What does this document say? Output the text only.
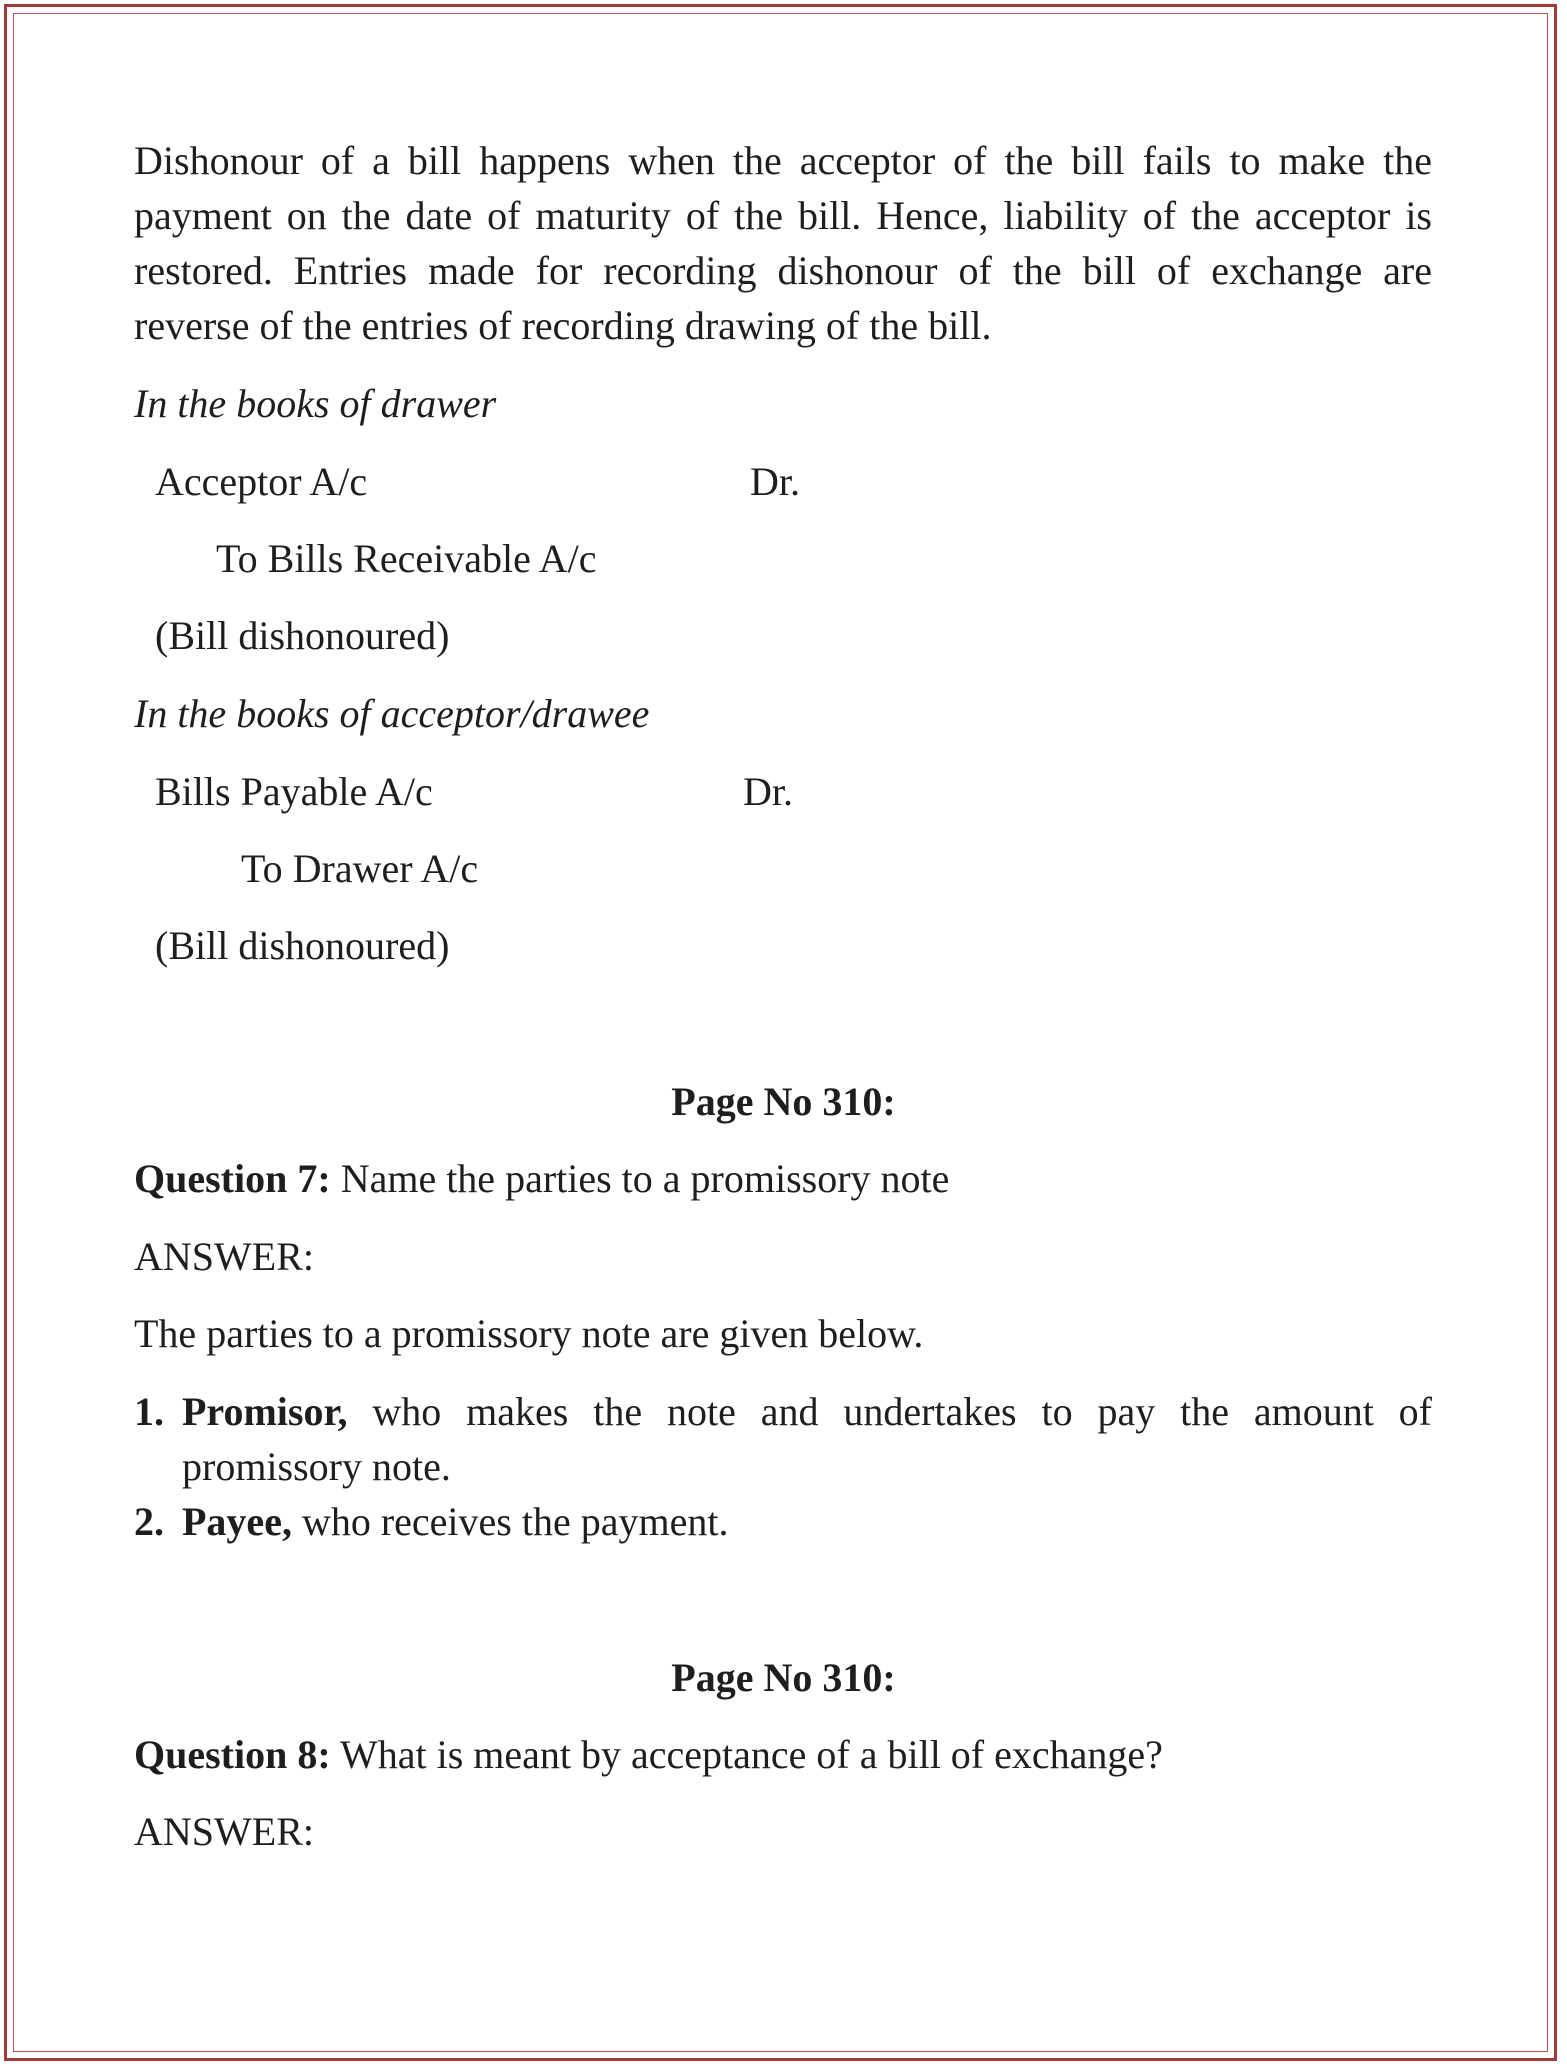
Dishonour of a bill happens when the acceptor of the bill fails to make the payment on the date of maturity of the bill. Hence, liability of the acceptor is restored. Entries made for recording dishonour of the bill of exchange are reverse of the entries of recording drawing of the bill.
In the books of drawer
Acceptor A/c	Dr.
To Bills Receivable A/c
(Bill dishonoured)
In the books of acceptor/drawee
Bills Payable A/c	Dr.
To Drawer A/c
(Bill dishonoured)
Page No 310:
Question 7: Name the parties to a promissory note
ANSWER:
The parties to a promissory note are given below.
1. Promisor, who makes the note and undertakes to pay the amount of promissory note.
2. Payee, who receives the payment.
Page No 310:
Question 8: What is meant by acceptance of a bill of exchange?
ANSWER:
